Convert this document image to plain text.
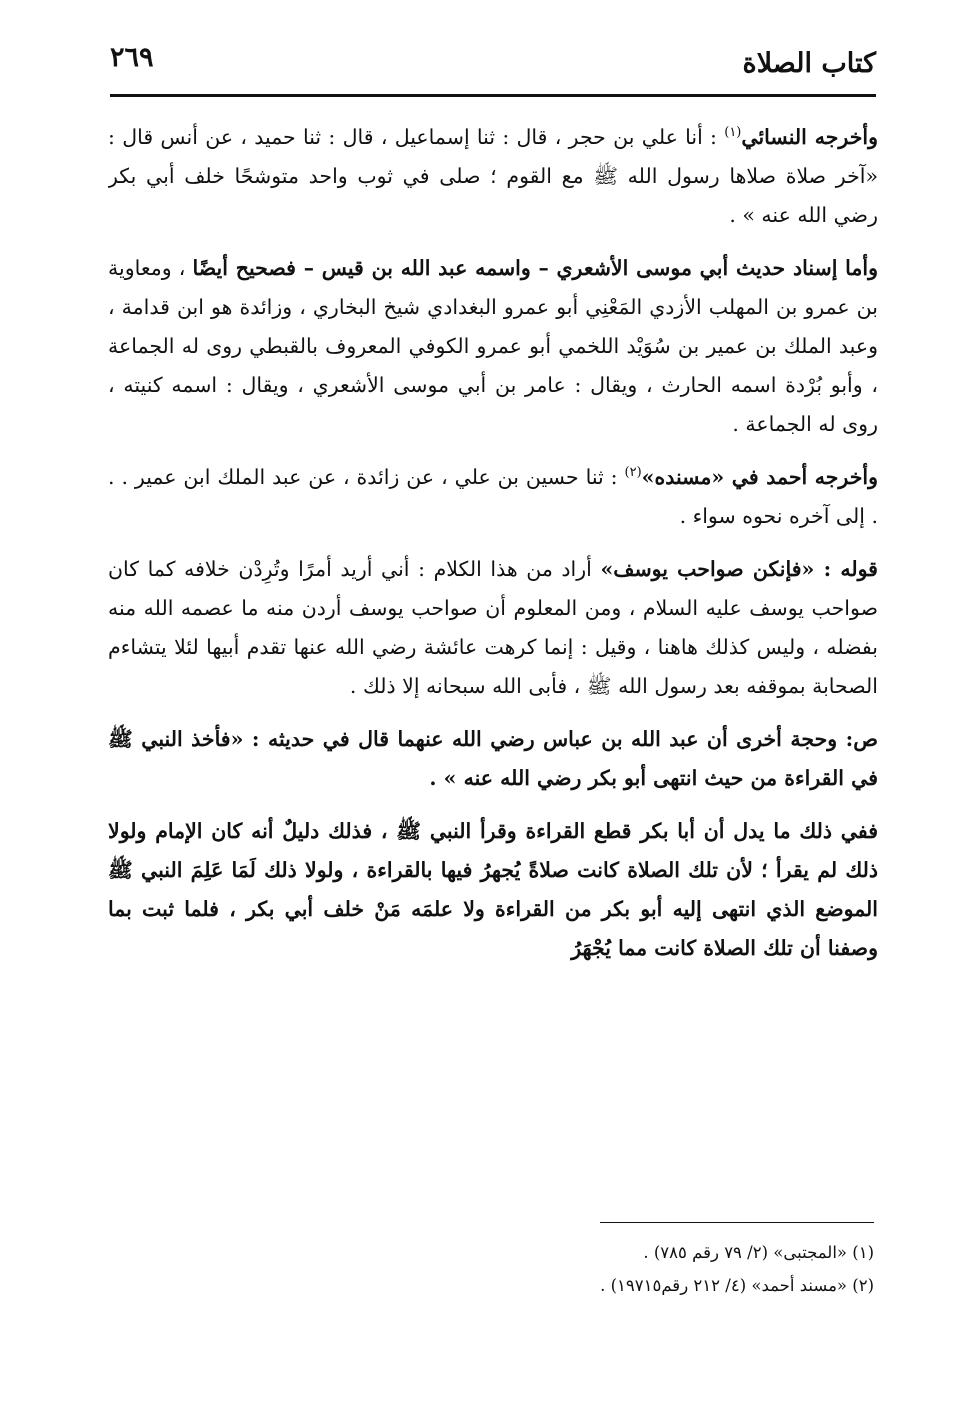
كتاب الصلاة
٢٦٩

وأخرجه النسائي$^{(١)}$ : أنا علي بن حجر ، قال : ثنا إسماعيل ، قال : ثنا حميد ، عن أنس قال : «آخر صلاة صلاها رسول الله ﷺ مع القوم ؛ صلى في ثوب واحد متوشحًا خلف أبي بكر رضي الله عنه » .

وأما إسناد حديث أبي موسى الأشعري – واسمه عبد الله بن قيس – فصحيح أيضًا ، ومعاوية بن عمرو بن المهلب الأزدي المَعْنِي أبو عمرو البغدادي شيخ البخاري ، وزائدة هو ابن قدامة ، وعبد الملك بن عمير بن سُوَيْد اللخمي أبو عمرو الكوفي المعروف بالقبطي روى له الجماعة ، وأبو بُرْدة اسمه الحارث ، ويقال : عامر بن أبي موسى الأشعري ، ويقال : اسمه كنيته ، روى له الجماعة .

وأخرجه أحمد في «مسنده»$^{(٢)}$ : ثنا حسين بن علي ، عن زائدة ، عن عبد الملك ابن عمير . . . إلى آخره نحوه سواء .

قوله : «فإنكن صواحب يوسف» أراد من هذا الكلام : أني أريد أمرًا وتُرِدْن خلافه كما كان صواحب يوسف عليه السلام ، ومن المعلوم أن صواحب يوسف أردن منه ما عصمه الله منه بفضله ، وليس كذلك هاهنا ، وقيل : إنما كرهت عائشة رضي الله عنها تقدم أبيها لئلا يتشاءم الصحابة بموقفه بعد رسول الله ﷺ ، فأبى الله سبحانه إلا ذلك .

ص: وحجة أخرى أن عبد الله بن عباس رضي الله عنهما قال في حديثه : «فأخذ النبي ﷺ في القراءة من حيث انتهى أبو بكر رضي الله عنه » .

ففي ذلك ما يدل أن أبا بكر قطع القراءة وقرأ النبي ﷺ ، فذلك دليلٌ أنه كان الإمام ولولا ذلك لم يقرأ ؛ لأن تلك الصلاة كانت صلاةً يُجهرُ فيها بالقراءة ، ولولا ذلك لَمَا عَلِمَ النبي ﷺ الموضع الذي انتهى إليه أبو بكر من القراءة ولا علمَه مَنْ خلف أبي بكر ، فلما ثبت بما وصفنا أن تلك الصلاة كانت مما يُجْهَرُ

(١) «المجتبى» (٢/ ٧٩ رقم ٧٨٥) .
(٢) «مسند أحمد» (٤/ ٢١٢ رقم١٩٧١٥) .
